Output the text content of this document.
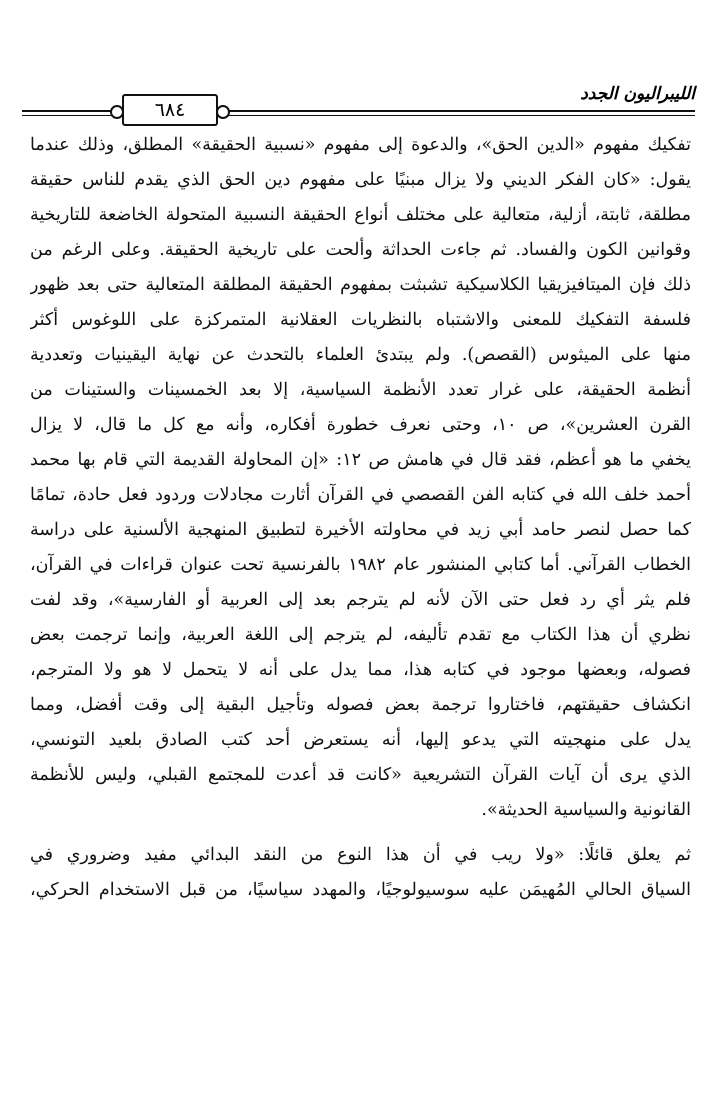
الليبراليون الجدد
٦٨٤

تفكيك مفهوم «الدين الحق»، والدعوة إلى مفهوم «نسبية الحقيقة» المطلق، وذلك عندما
يقول: «كان الفكر الديني ولا يزال مبنيًا على مفهوم دين الحق الذي يقدم للناس حقيقة
مطلقة، ثابتة، أزلية، متعالية على مختلف أنواع الحقيقة النسبية المتحولة الخاضعة للتاريخية
وقوانين الكون والفساد. ثم جاءت الحداثة وألحت على تاريخية الحقيقة. وعلى الرغم من
ذلك فإن الميتافيزيقيا الكلاسيكية تشبثت بمفهوم الحقيقة المطلقة المتعالية حتى بعد ظهور
فلسفة التفكيك للمعنى والاشتباه بالنظريات العقلانية المتمركزة على اللوغوس أكثر
منها على الميثوس (القصص). ولم يبتدئ العلماء بالتحدث عن نهاية اليقينيات وتعددية
أنظمة الحقيقة، على غرار تعدد الأنظمة السياسية، إلا بعد الخمسينات والستينات من
القرن العشرين»، ص ١٠، وحتى نعرف خطورة أفكاره، وأنه مع كل ما قال، لا يزال
يخفي ما هو أعظم، فقد قال في هامش ص ١٢: «إن المحاولة القديمة التي قام بها محمد
أحمد خلف الله في كتابه الفن القصصي في القرآن أثارت مجادلات وردود فعل حادة، تمامًا
كما حصل لنصر حامد أبي زيد في محاولته الأخيرة لتطبيق المنهجية الألسنية على دراسة
الخطاب القرآني. أما كتابي المنشور عام ١٩٨٢ بالفرنسية تحت عنوان قراءات في القرآن،
فلم يثر أي رد فعل حتى الآن لأنه لم يترجم بعد إلى العربية أو الفارسية»، وقد لفت
نظري أن هذا الكتاب مع تقدم تأليفه، لم يترجم إلى اللغة العربية، وإنما ترجمت بعض
فصوله، وبعضها موجود في كتابه هذا، مما يدل على أنه لا يتحمل لا هو ولا المترجم،
انكشاف حقيقتهم، فاختاروا ترجمة بعض فصوله وتأجيل البقية إلى وقت أفضل، ومما
يدل على منهجيته التي يدعو إليها، أنه يستعرض أحد كتب الصادق بلعيد التونسي،
الذي يرى أن آيات القرآن التشريعية «كانت قد أعدت للمجتمع القبلي، وليس للأنظمة
القانونية والسياسية الحديثة».

ثم يعلق قائلًا: «ولا ريب في أن هذا النوع من النقد البدائي مفيد وضروري في
السياق الحالي المُهيمَن عليه سوسيولوجيًا، والمهدد سياسيًا، من قبل الاستخدام الحركي،
